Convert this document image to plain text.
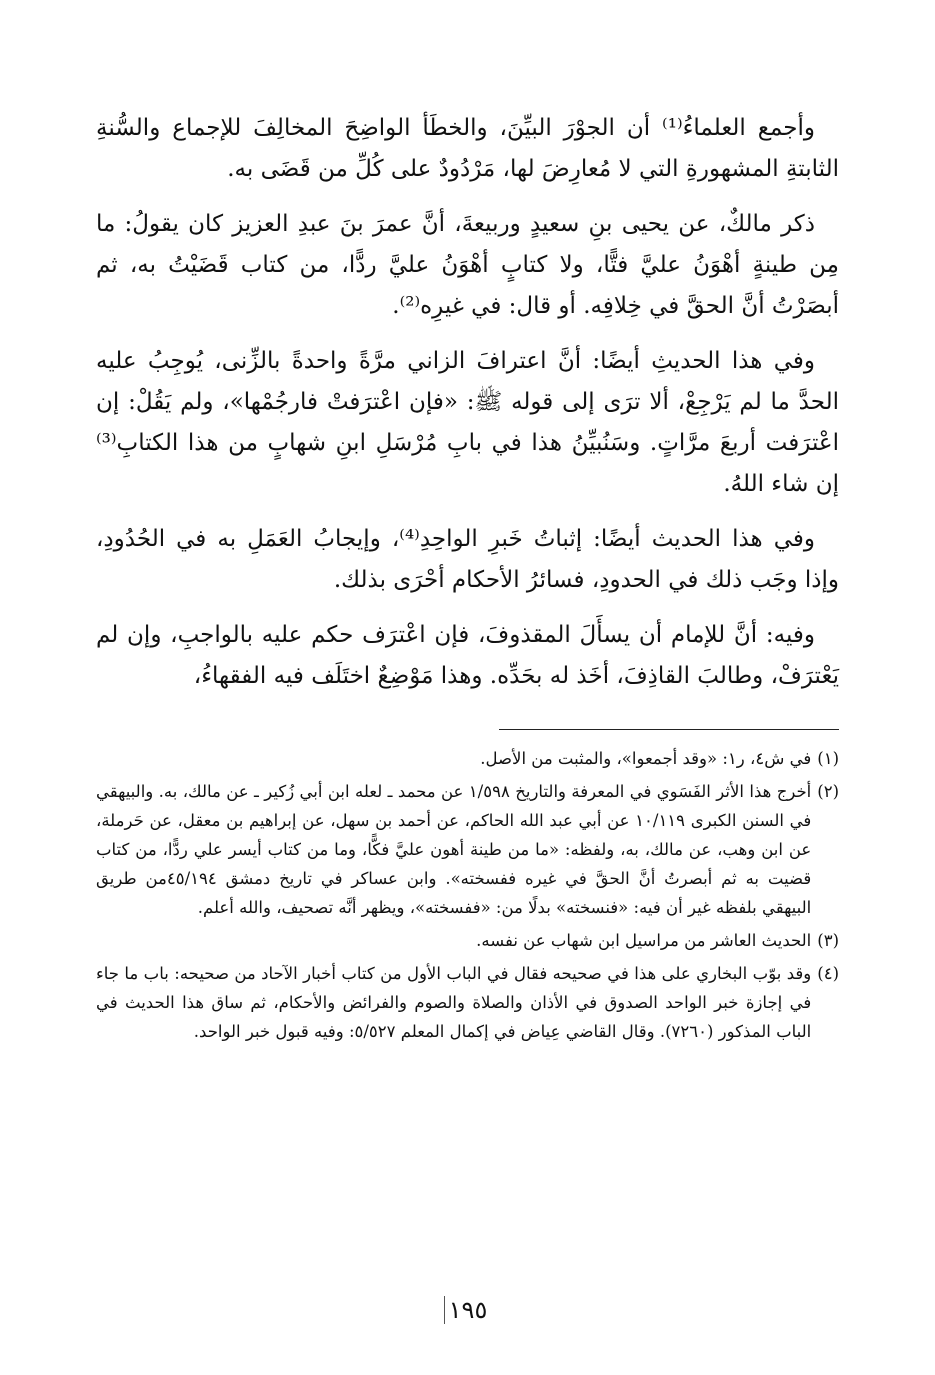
وأجمع العلماءُ⁽¹⁾ أن الجوْرَ البيِّنَ، والخطَأ الواضِحَ المخالِفَ للإجماع والسُّنةِ الثابتةِ المشهورةِ التي لا مُعارِضَ لها، مَرْدُودٌ على كُلِّ من قَضَى به.

ذكر مالكٌ، عن يحيى بنِ سعيدٍ وربيعةَ، أنَّ عمرَ بنَ عبدِ العزيز كان يقولُ: ما مِن طينةٍ أهْوَنُ عليَّ فتًّا، ولا كتابٍ أهْوَنُ عليَّ ردًّا، من كتاب قَضَيْتُ به، ثم أبصَرْتُ أنَّ الحقَّ في خِلافِه. أو قال: في غيرِه⁽²⁾.

وفي هذا الحديثِ أيضًا: أنَّ اعترافَ الزاني مرَّةً واحدةً بالزِّنى، يُوجِبُ عليه الحدَّ ما لم يَرْجِعْ، ألا ترَى إلى قوله ﷺ: «فإن اعْترَفتْ فارجُمْها»، ولم يَقُلْ: إن اعْترَفت أربعَ مرَّاتٍ. وسَنُبيِّنُ هذا في بابِ مُرْسَلِ ابنِ شهابٍ من هذا الكتابِ⁽³⁾ إن شاء اللهُ.

وفي هذا الحديث أيضًا: إثباتُ خَبرِ الواحِدِ⁽⁴⁾، وإيجابُ العَمَلِ به في الحُدُودِ، وإذا وجَب ذلك في الحدودِ، فسائرُ الأحكام أحْرَى بذلك.

وفيه: أنَّ للإمام أن يسأَلَ المقذوفَ، فإن اعْترَف حكم عليه بالواجبِ، وإن لم يَعْترَفْ، وطالبَ القاذِفَ، أخَذ له بحَدِّه. وهذا مَوْضِعٌ اختَلَف فيه الفقهاءُ،

(١)
في ش٤، ر١: «وقد أجمعوا»، والمثبت من الأصل.
(٢)
أخرج هذا الأثر الفَسَوي في المعرفة والتاريخ ١/٥٩٨ عن محمد ـ لعله ابن أبي زُكير ـ عن مالك، به. والبيهقي في السنن الكبرى ١٠/١١٩ عن أبي عبد الله الحاكم، عن أحمد بن سهل، عن إبراهيم بن معقل، عن حَرملة، عن ابن وهب، عن مالك، به، ولفظه: «ما من طينة أهون عليَّ فكًّا، وما من كتاب أيسر علي ردًّا، من كتاب قضيت به ثم أبصرتُ أنَّ الحقَّ في غيره ففسخته». وابن عساكر في تاريخ دمشق ٤٥/١٩٤من طريق البيهقي بلفظه غير أن فيه: «فنسخته» بدلًا من: «ففسخته»، ويظهر أنَّه تصحيف، والله أعلم.
(٣)
الحديث العاشر من مراسيل ابن شهاب عن نفسه.
(٤)
وقد بوّب البخاري على هذا في صحيحه فقال في الباب الأول من كتاب أخبار الآحاد من صحيحه: باب ما جاء في إجازة خبر الواحد الصدوق في الأذان والصلاة والصوم والفرائض والأحكام، ثم ساق هذا الحديث في الباب المذكور (٧٢٦٠). وقال القاضي عِياض في إكمال المعلم ٥/٥٢٧: وفيه قبول خبر الواحد.
١٩٥
